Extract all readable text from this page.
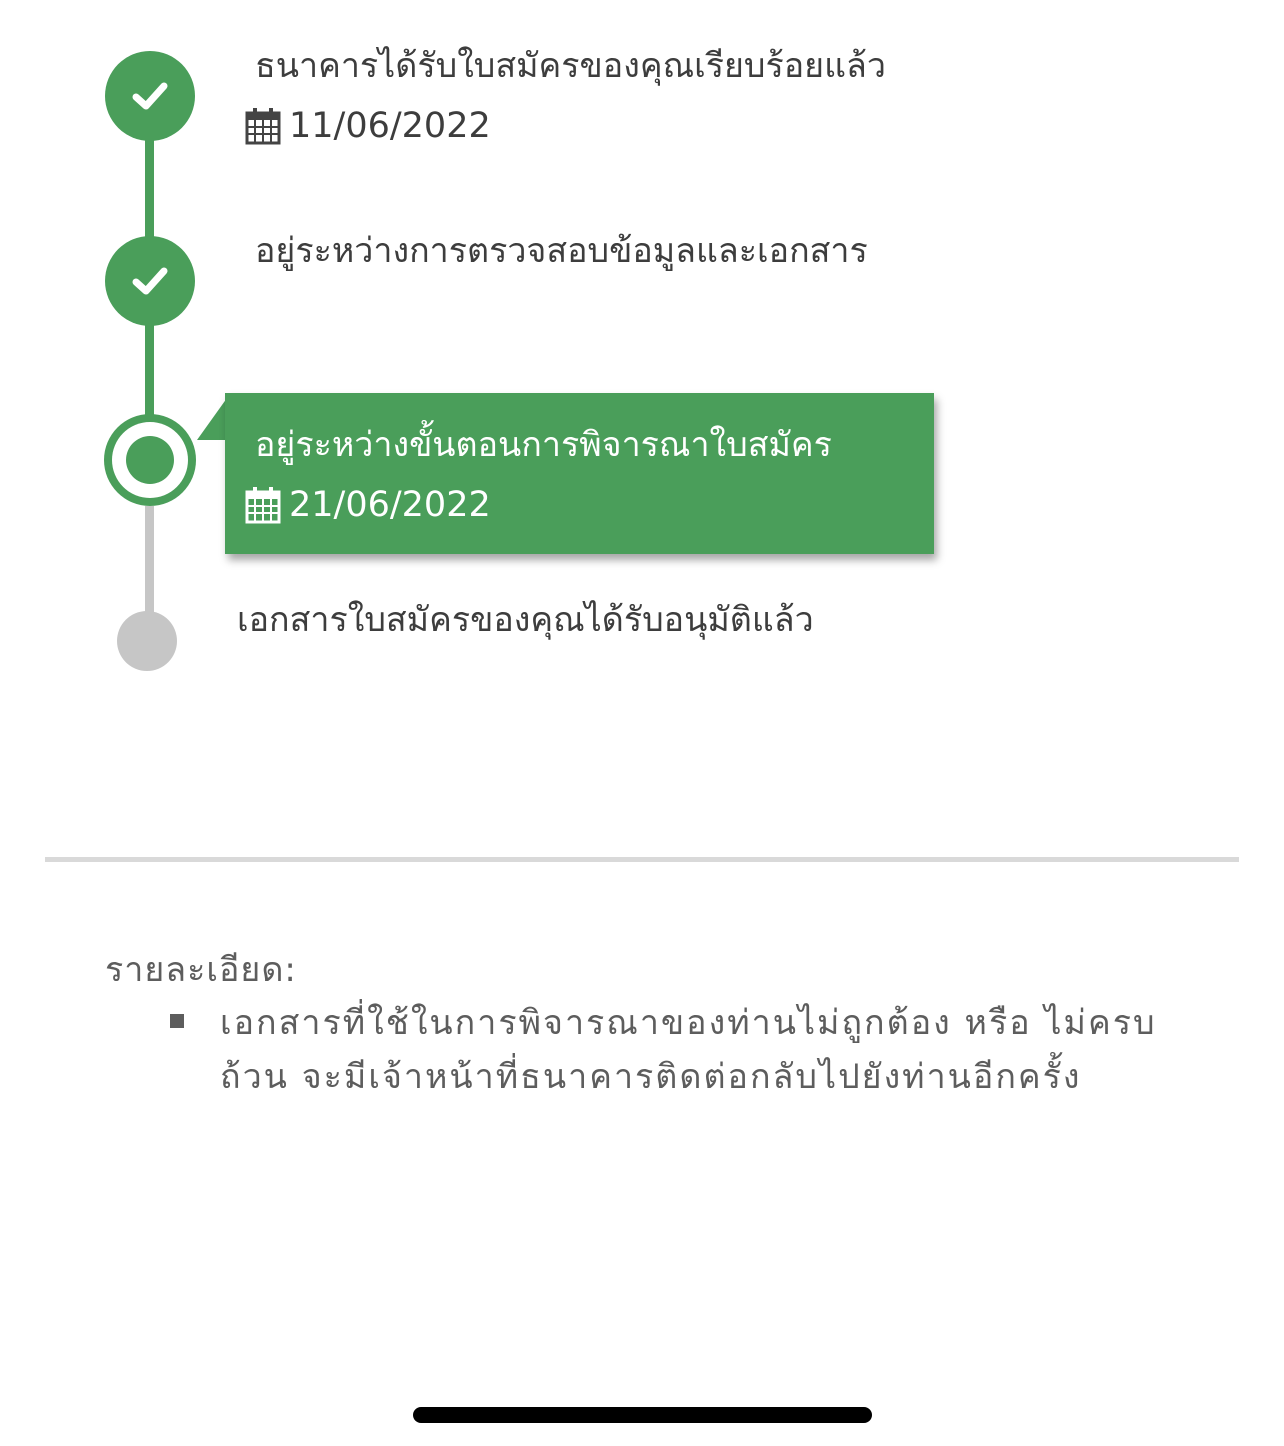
ธนาคารได้รับใบสมัครของคุณเรียบร้อยแล้ว
11/06/2022
อยู่ระหว่างการตรวจสอบข้อมูลและเอกสาร
อยู่ระหว่างขั้นตอนการพิจารณาใบสมัคร
21/06/2022
เอกสารใบสมัครของคุณได้รับอนุมัติแล้ว
รายละเอียด:
เอกสารที่ใช้ในการพิจารณาของท่านไม่ถูกต้อง หรือ ไม่ครบถ้วน จะมีเจ้าหน้าที่ธนาคารติดต่อกลับไปยังท่านอีกครั้ง
